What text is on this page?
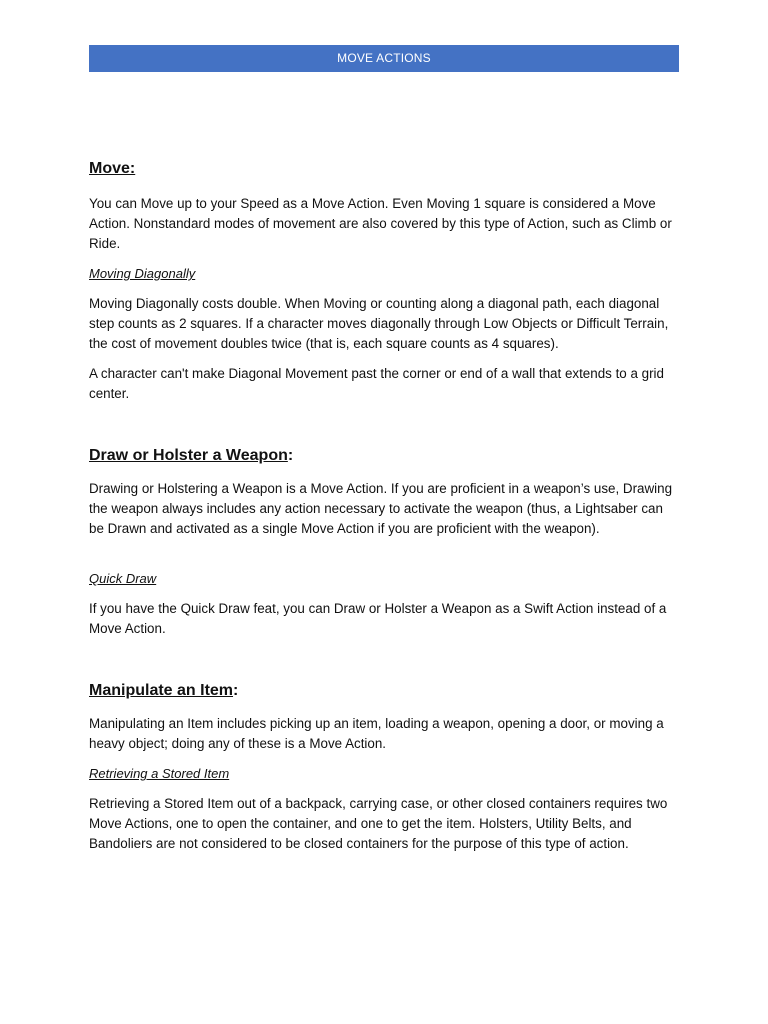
MOVE ACTIONS
Move:

You can Move up to your Speed as a Move Action. Even Moving 1 square is considered a Move Action. Nonstandard modes of movement are also covered by this type of Action, such as Climb or Ride.

Moving Diagonally

Moving Diagonally costs double. When Moving or counting along a diagonal path, each diagonal step counts as 2 squares. If a character moves diagonally through Low Objects or Difficult Terrain, the cost of movement doubles twice (that is, each square counts as 4 squares).

A character can't make Diagonal Movement past the corner or end of a wall that extends to a grid center.

Draw or Holster a Weapon:

Drawing or Holstering a Weapon is a Move Action. If you are proficient in a weapon’s use, Drawing the weapon always includes any action necessary to activate the weapon (thus, a Lightsaber can be Drawn and activated as a single Move Action if you are proficient with the weapon).

Quick Draw

If you have the Quick Draw feat, you can Draw or Holster a Weapon as a Swift Action instead of a Move Action.

Manipulate an Item:

Manipulating an Item includes picking up an item, loading a weapon, opening a door, or moving a heavy object; doing any of these is a Move Action.

Retrieving a Stored Item

Retrieving a Stored Item out of a backpack, carrying case, or other closed containers requires two Move Actions, one to open the container, and one to get the item. Holsters, Utility Belts, and Bandoliers are not considered to be closed containers for the purpose of this type of action.
